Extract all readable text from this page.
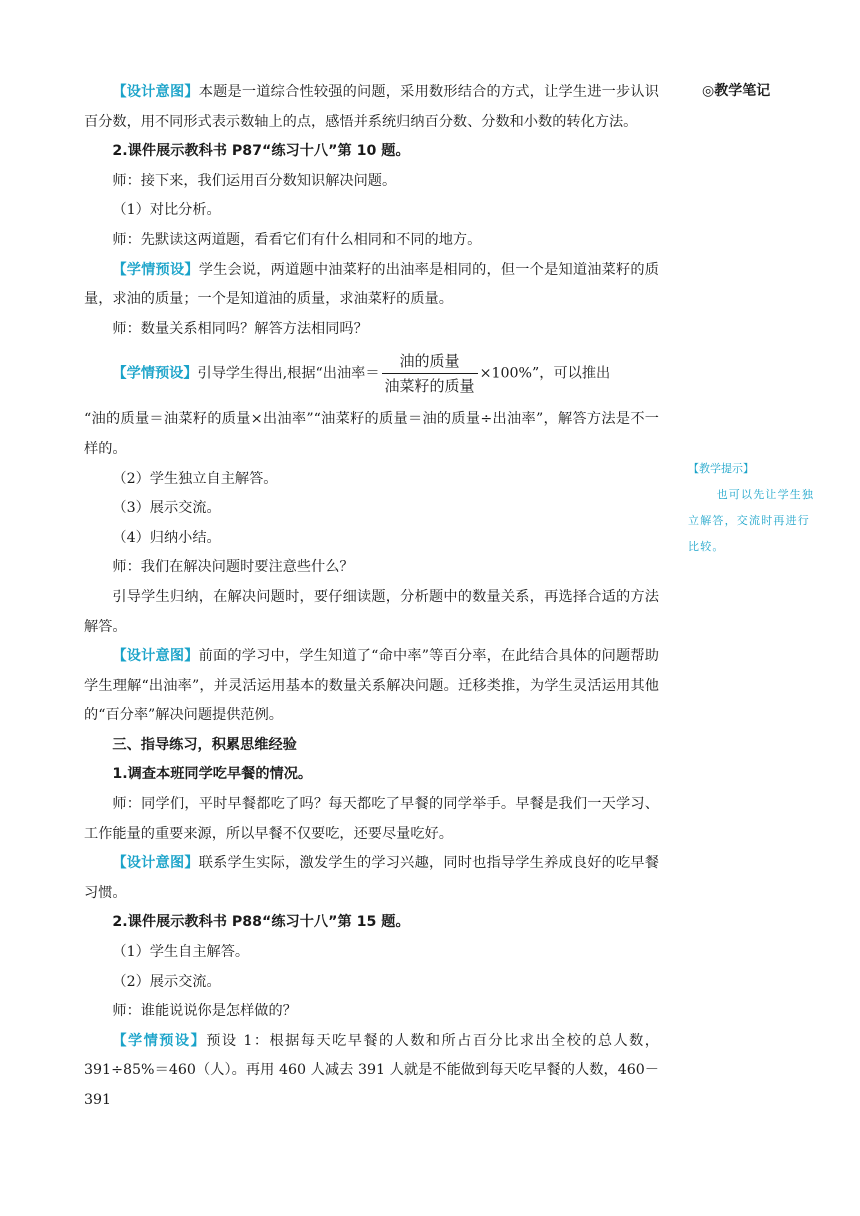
◎教学笔记
【教学提示】
也可以先让学生独立解答，交流时再进行比较。

【设计意图】本题是一道综合性较强的问题，采用数形结合的方式，让学生进一步认识百分数，用不同形式表示数轴上的点，感悟并系统归纳百分数、分数和小数的转化方法。

2.课件展示教科书 P87“练习十八”第 10 题。

师：接下来，我们运用百分数知识解决问题。

（1）对比分析。

师：先默读这两道题，看看它们有什么相同和不同的地方。

【学情预设】学生会说，两道题中油菜籽的出油率是相同的，但一个是知道油菜籽的质量，求油的质量；一个是知道油的质量，求油菜籽的质量。

师：数量关系相同吗？解答方法相同吗？

【学情预设】引导学生得出,根据“出油率＝ $\frac{\text{油的质量}}{\text{油菜籽的质量}} \times 100\%$”，可以推出

“油的质量＝油菜籽的质量×出油率”“油菜籽的质量＝油的质量÷出油率”，解答方法是不一样的。

（2）学生独立自主解答。

（3）展示交流。

（4）归纳小结。

师：我们在解决问题时要注意些什么？

引导学生归纳，在解决问题时，要仔细读题，分析题中的数量关系，再选择合适的方法解答。

【设计意图】前面的学习中，学生知道了“命中率”等百分率，在此结合具体的问题帮助学生理解“出油率”，并灵活运用基本的数量关系解决问题。迁移类推，为学生灵活运用其他的“百分率”解决问题提供范例。

三、指导练习，积累思维经验

1.调查本班同学吃早餐的情况。

师：同学们，平时早餐都吃了吗？每天都吃了早餐的同学举手。早餐是我们一天学习、工作能量的重要来源，所以早餐不仅要吃，还要尽量吃好。

【设计意图】联系学生实际，激发学生的学习兴趣，同时也指导学生养成良好的吃早餐习惯。

2.课件展示教科书 P88“练习十八”第 15 题。

（1）学生自主解答。

（2）展示交流。

师：谁能说说你是怎样做的？

【学情预设】预设 1：根据每天吃早餐的人数和所占百分比求出全校的总人数，391÷85%＝460（人）。再用 460 人减去 391 人就是不能做到每天吃早餐的人数，460－391
